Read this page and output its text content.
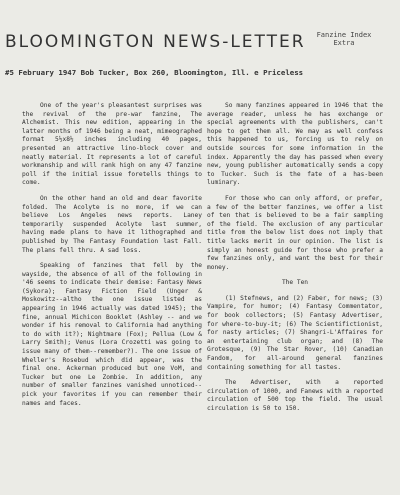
BLOOMINGTON NEWS-LETTER	Fanzine Index Extra
#5 February 1947 Bob Tucker, Box 260, Bloomington, Ill. e Priceless

One of the year's pleasantest surprises was the revival of the pre-war fanzine, The Alchemist. This new edition, appearing in the latter months of 1946 being a neat, mimeographed format 5½x8½ inches including 40 pages, presented an attractive lino-block cover and neatly material. It represents a lot of careful workmanship and will rank high on any 47 fanzine poll if the initial issue foretells things to come.

On the other hand an old and dear favorite folded. The Acolyte is no more, if we can believe Los Angeles news reports. Laney temporarily suspended Acolyte last summer, having made plans to have it lithographed and published by The Fantasy Foundation last Fall. The plans fell thru. A sad loss.

Speaking of fanzines that fell by the wayside, the absence of all of the following in '46 seems to indicate their demise: Fantasy News (Sykora); Fantasy Fiction Field (Unger & Moskowitz--altho the one issue listed as appearing in 1946 actually was dated 1945); the fine, annual Michicon Booklet (Ashley -- and we wonder if his removal to California had anything to do with it?); Nightmare (Fox); Pellua (Low & Larry Smith); Venus (Lora Crozetti was going to issue many of them--remember?). The one issue of Wheller's Rosebud which did appear, was the final one. Ackerman produced but one VoM, and Tucker but one Le Zombie. In addition, any number of smaller fanzines vanished unnoticed--pick your favorites if you can remember their names and faces.

So many fanzines appeared in 1946 that the average reader, unless he has exchange or special agreements with the publishers, can't hope to get them all. We may as well confess this happened to us, forcing us to rely on outside sources for some information in the index. Apparently the day has passed when every new, young publisher automatically sends a copy to Tucker. Such is the fate of a has-been luminary.

For those who can only afford, or prefer, a few of the better fanzines, we offer a list of ten that is believed to be a fair sampling of the field. The exclusion of any particular title from the below list does not imply that title lacks merit in our opinion. The list is simply an honest guide for those who prefer a few fanzines only, and want the best for their money.

The Ten

(1) Stefnews, and (2) Faber, for news; (3) Vampire, for humor; (4) Fantasy Commentator, for book collectors; (5) Fantasy Advertiser, for where-to-buy-it; (6) The Scientifictionist, for nasty articles; (7) Shangri-L'Affaires for an entertaining club organ; and (8) The Grotesque, (9) The Star Rover, (10) Canadian Fandom, for all-around general fanzines containing something for all tastes.

The Advertiser, with a reported circulation of 1000, and Fanews with a reported circulation of 500 top the field. The usual circulation is 50 to 150.
